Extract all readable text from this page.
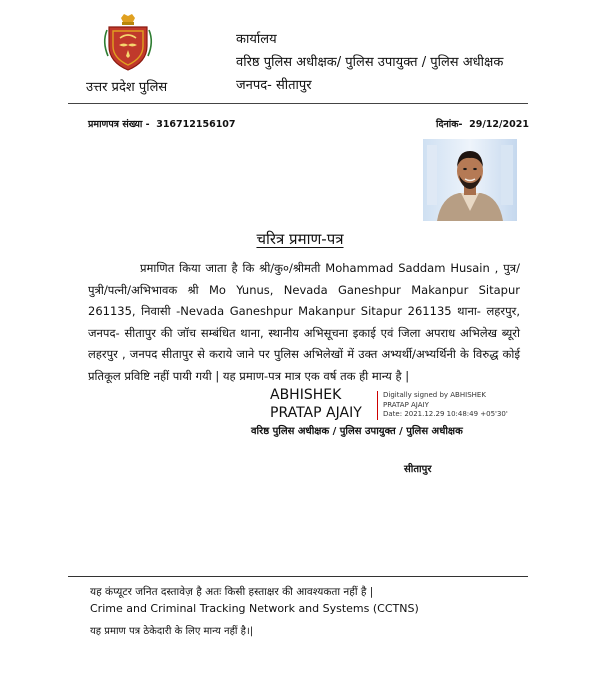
उत्तर प्रदेश पुलिस
कार्यालय
वरिष्ठ पुलिस अधीक्षक/ पुलिस उपायुक्त / पुलिस अधीक्षक
जनपद- सीतापुर
प्रमाणपत्र संख्या - 316712156107	दिनांक- 29/12/2021
चरित्र प्रमाण-पत्र
प्रमाणित किया जाता है कि श्री/कु०/श्रीमती Mohammad Saddam Husain , पुत्र/पुत्री/पत्नी/अभिभावक श्री Mo Yunus, Nevada Ganeshpur Makanpur Sitapur 261135, निवासी -Nevada Ganeshpur Makanpur Sitapur 261135 थाना- लहरपुर, जनपद- सीतापुर की जॉच सम्बंधित थाना, स्थानीय अभिसूचना इकाई एवं जिला अपराध अभिलेख ब्यूरो लहरपुर , जनपद सीतापुर से कराये जाने पर पुलिस अभिलेखों में उक्त अभ्यर्थी/अभ्यर्थिनी के विरुद्ध कोई प्रतिकूल प्रविष्टि नहीं पायी गयी | यह प्रमाण-पत्र मात्र एक वर्ष तक ही मान्य है |
ABHISHEK
PRATAP AJAIY
Digitally signed by ABHISHEK
PRATAP AJAIY
Date: 2021.12.29 10:48:49 +05'30'
वरिष्ठ पुलिस अधीक्षक / पुलिस उपायुक्त / पुलिस अधीक्षक
सीतापुर
यह कंप्यूटर जनित दस्तावेज़ है अतः किसी हस्ताक्षर की आवश्यकता नहीं है |
Crime and Criminal Tracking Network and Systems (CCTNS)
यह प्रमाण पत्र ठेकेदारी के लिए मान्य नहीं है।|
